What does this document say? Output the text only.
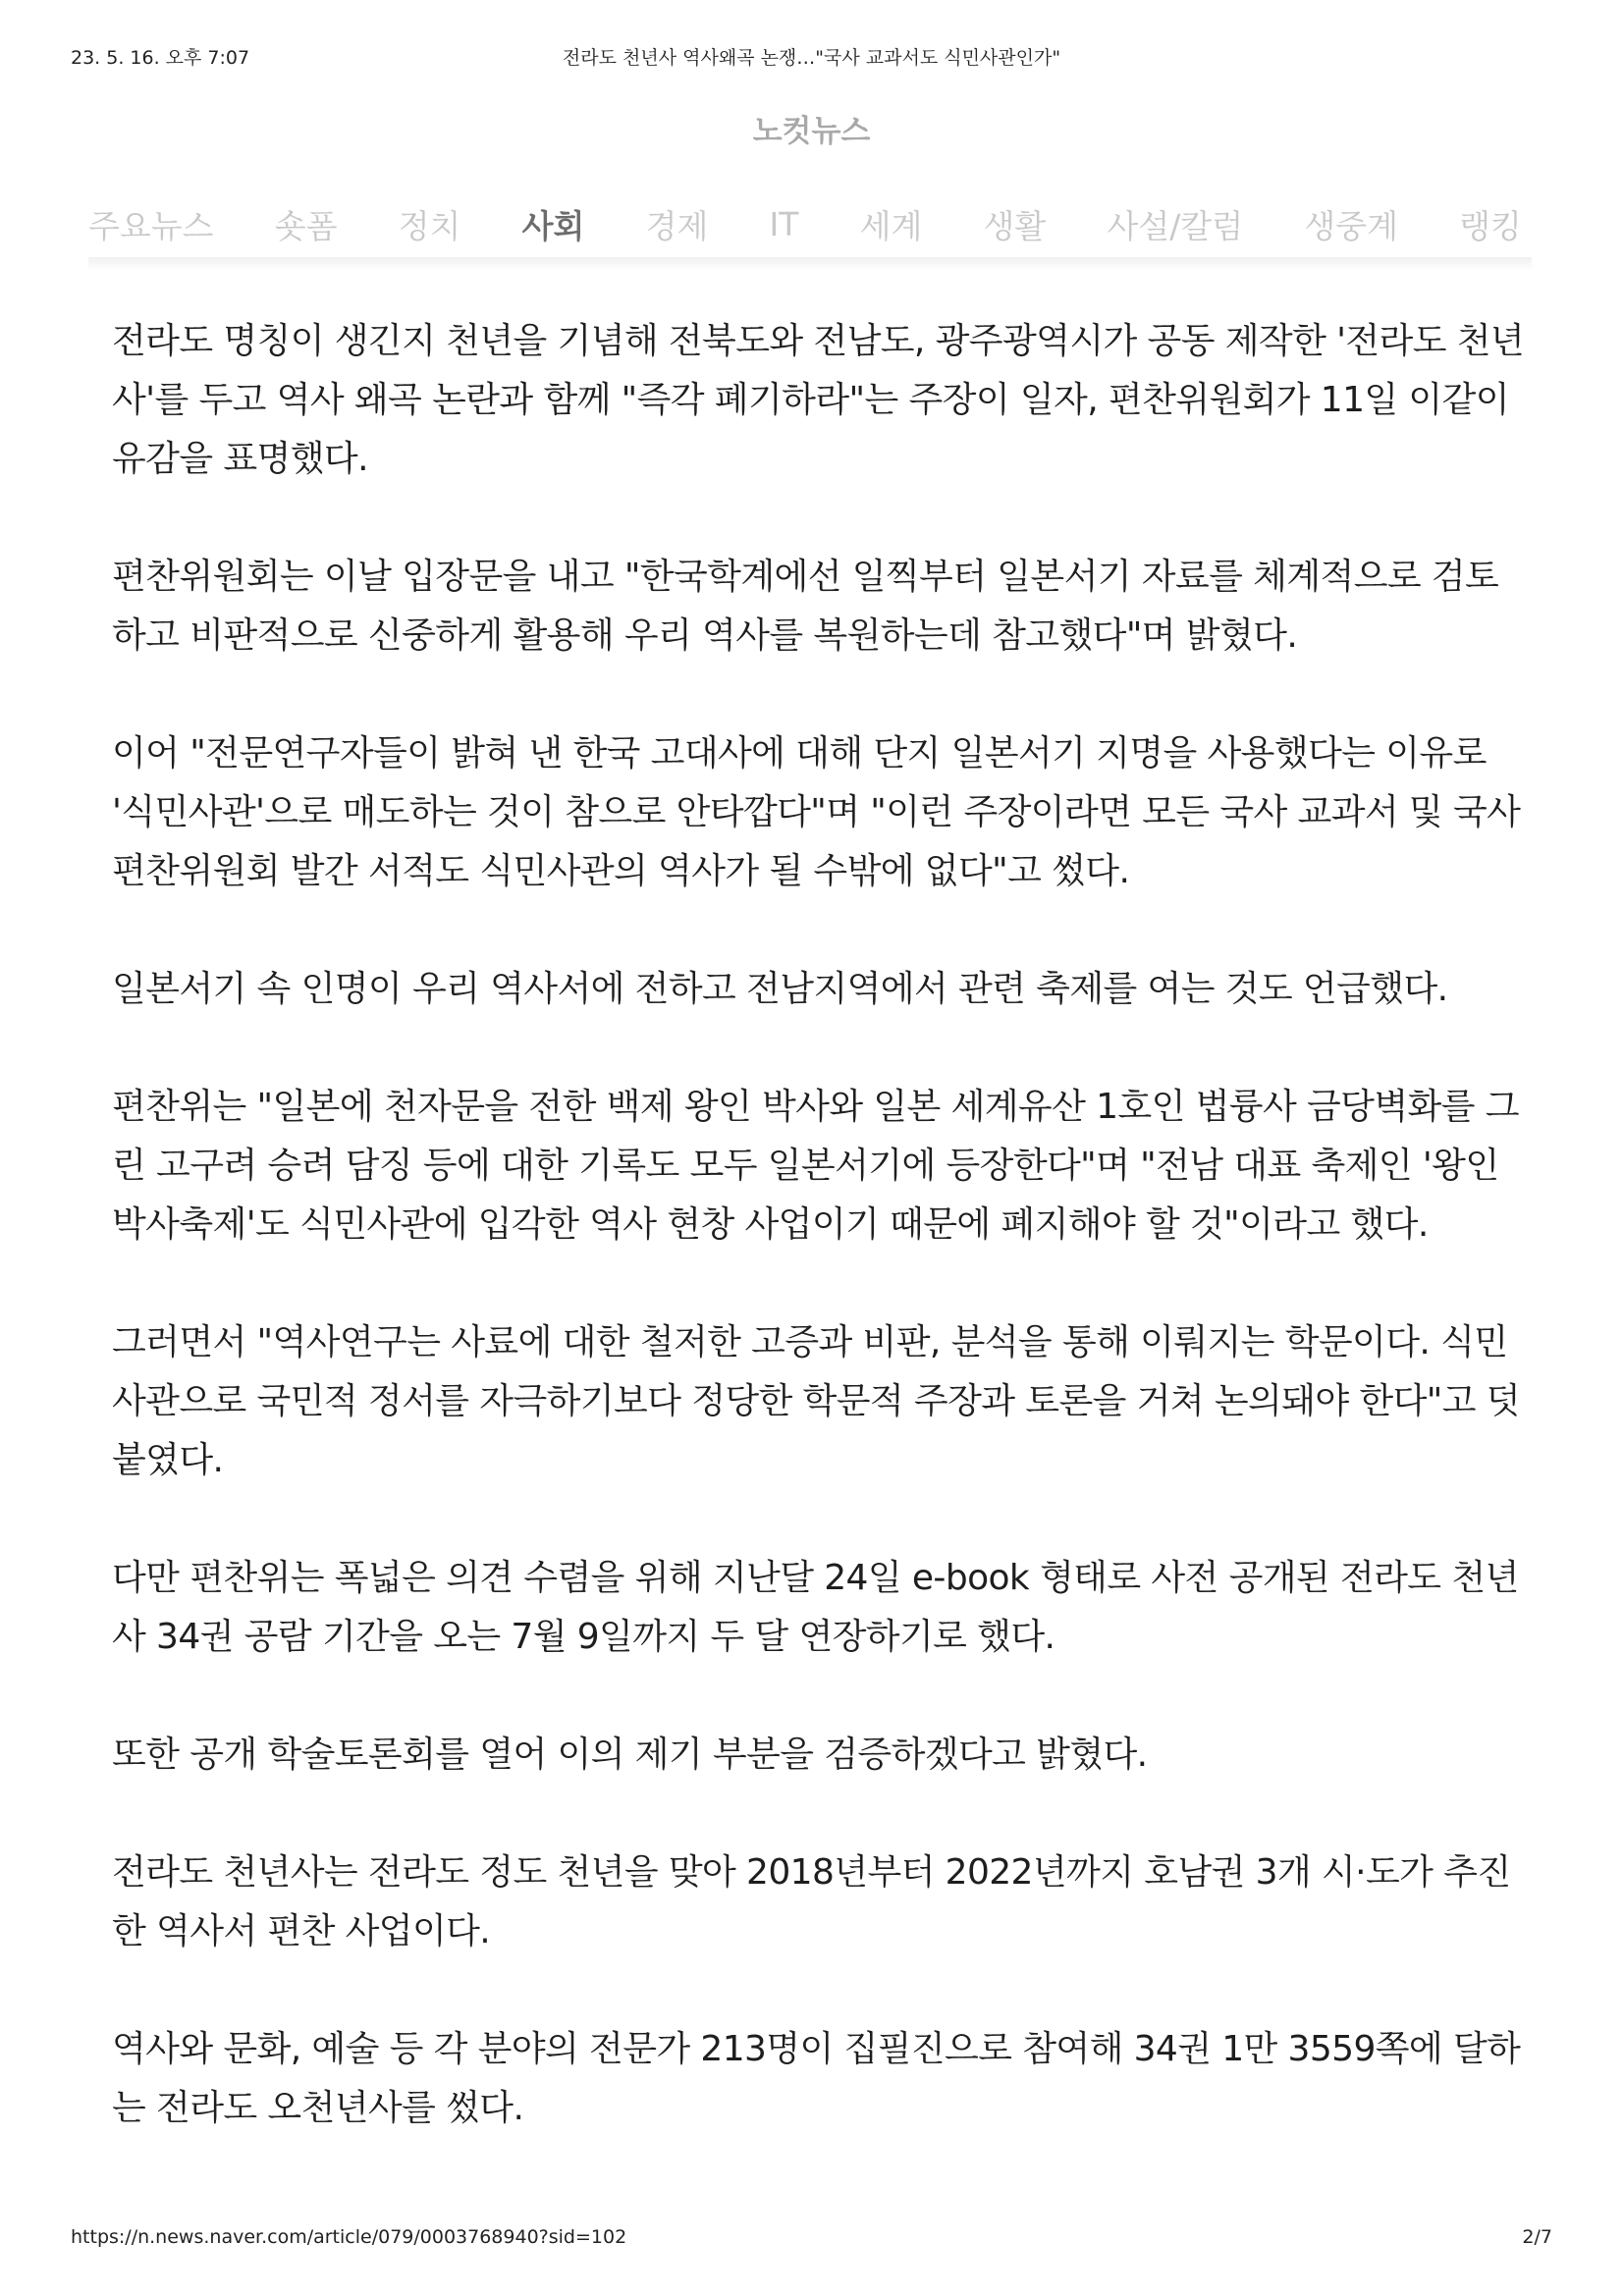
23. 5. 16. 오후 7:07	전라도 천년사 역사왜곡 논쟁…"국사 교과서도 식민사관인가"
노컷뉴스
주요뉴스 숏폼 정치 사회 경제 IT 세계 생활 사설/칼럼 생중계 랭킹

전라도 명칭이 생긴지 천년을 기념해 전북도와 전남도, 광주광역시가 공동 제작한 '전라도 천년사'를 두고 역사 왜곡 논란과 함께 "즉각 폐기하라"는 주장이 일자, 편찬위원회가 11일 이같이 유감을 표명했다.

편찬위원회는 이날 입장문을 내고 "한국학계에선 일찍부터 일본서기 자료를 체계적으로 검토하고 비판적으로 신중하게 활용해 우리 역사를 복원하는데 참고했다"며 밝혔다.

이어 "전문연구자들이 밝혀 낸 한국 고대사에 대해 단지 일본서기 지명을 사용했다는 이유로 '식민사관'으로 매도하는 것이 참으로 안타깝다"며 "이런 주장이라면 모든 국사 교과서 및 국사편찬위원회 발간 서적도 식민사관의 역사가 될 수밖에 없다"고 썼다.

일본서기 속 인명이 우리 역사서에 전하고 전남지역에서 관련 축제를 여는 것도 언급했다.

편찬위는 "일본에 천자문을 전한 백제 왕인 박사와 일본 세계유산 1호인 법륭사 금당벽화를 그린 고구려 승려 담징 등에 대한 기록도 모두 일본서기에 등장한다"며 "전남 대표 축제인 '왕인박사축제'도 식민사관에 입각한 역사 현창 사업이기 때문에 폐지해야 할 것"이라고 했다.

그러면서 "역사연구는 사료에 대한 철저한 고증과 비판, 분석을 통해 이뤄지는 학문이다. 식민사관으로 국민적 정서를 자극하기보다 정당한 학문적 주장과 토론을 거쳐 논의돼야 한다"고 덧붙였다.

다만 편찬위는 폭넓은 의견 수렴을 위해 지난달 24일 e-book 형태로 사전 공개된 전라도 천년사 34권 공람 기간을 오는 7월 9일까지 두 달 연장하기로 했다.

또한 공개 학술토론회를 열어 이의 제기 부분을 검증하겠다고 밝혔다.

전라도 천년사는 전라도 정도 천년을 맞아 2018년부터 2022년까지 호남권 3개 시·도가 추진한 역사서 편찬 사업이다.

역사와 문화, 예술 등 각 분야의 전문가 213명이 집필진으로 참여해 34권 1만 3559쪽에 달하는 전라도 오천년사를 썼다.

https://n.news.naver.com/article/079/0003768940?sid=102	2/7
